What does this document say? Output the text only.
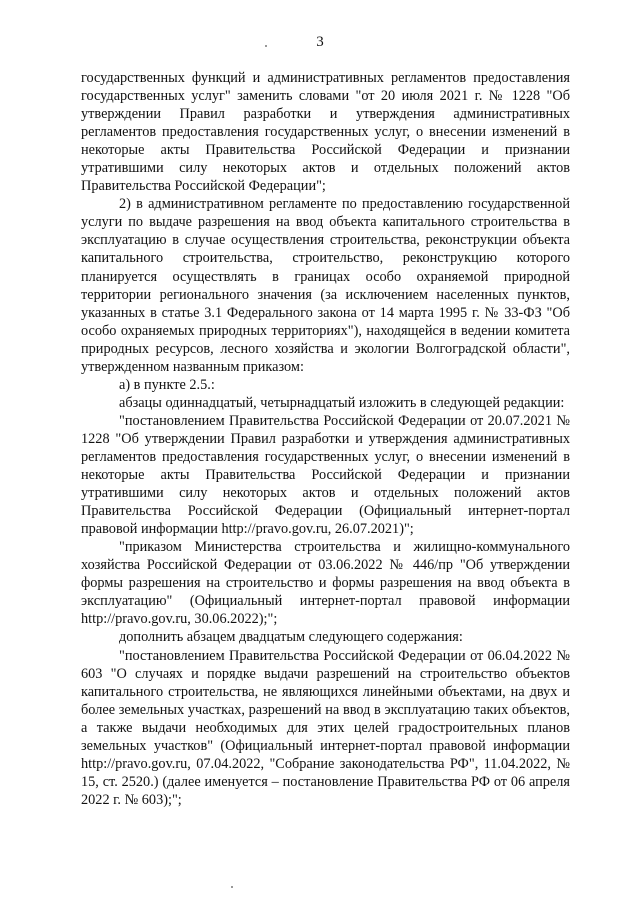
3

государственных функций и административных регламентов предоставления государственных услуг" заменить словами "от 20 июля 2021 г. № 1228 "Об утверждении Правил разработки и утверждения административных регламентов предоставления государственных услуг, о внесении изменений в некоторые акты Правительства Российской Федерации и признании утратившими силу некоторых актов и отдельных положений актов Правительства Российской Федерации";

2) в административном регламенте по предоставлению государственной услуги по выдаче разрешения на ввод объекта капитального строительства в эксплуатацию в случае осуществления строительства, реконструкции объекта капитального строительства, строительство, реконструкцию которого планируется осуществлять в границах особо охраняемой природной территории регионального значения (за исключением населенных пунктов, указанных в статье 3.1 Федерального закона от 14 марта 1995 г. № 33-ФЗ "Об особо охраняемых природных территориях"), находящейся в ведении комитета природных ресурсов, лесного хозяйства и экологии Волгоградской области", утвержденном названным приказом:

а) в пункте 2.5.:

абзацы одиннадцатый, четырнадцатый изложить в следующей редакции:

"постановлением Правительства Российской Федерации от 20.07.2021 № 1228 "Об утверждении Правил разработки и утверждения административных регламентов предоставления государственных услуг, о внесении изменений в некоторые акты Правительства Российской Федерации и признании утратившими силу некоторых актов и отдельных положений актов Правительства Российской Федерации (Официальный интернет-портал правовой информации http://pravo.gov.ru, 26.07.2021)";

"приказом Министерства строительства и жилищно-коммунального хозяйства Российской Федерации от 03.06.2022 № 446/пр "Об утверждении формы разрешения на строительство и формы разрешения на ввод объекта в эксплуатацию" (Официальный интернет-портал правовой информации http://pravo.gov.ru, 30.06.2022);";

дополнить абзацем двадцатым следующего содержания:

"постановлением Правительства Российской Федерации от 06.04.2022 № 603 "О случаях и порядке выдачи разрешений на строительство объектов капитального строительства, не являющихся линейными объектами, на двух и более земельных участках, разрешений на ввод в эксплуатацию таких объектов, а также выдачи необходимых для этих целей градостроительных планов земельных участков" (Официальный интернет-портал правовой информации http://pravo.gov.ru, 07.04.2022, "Собрание законодательства РФ", 11.04.2022, № 15, ст. 2520.) (далее именуется – постановление Правительства РФ от 06 апреля 2022 г. № 603);";
